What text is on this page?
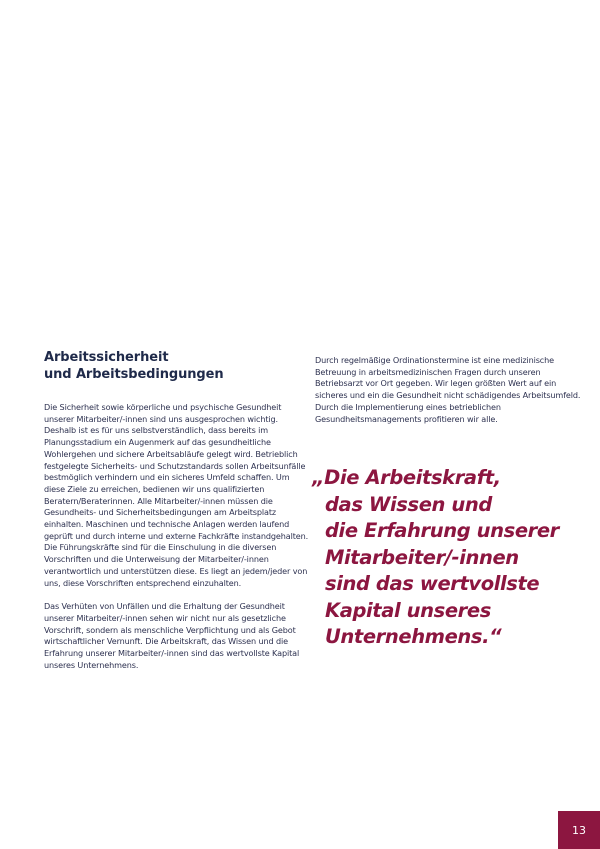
Arbeitssicherheit
und Arbeitsbedingungen

Die Sicherheit sowie körperliche und psychische Gesundheit unserer Mitarbeiter/-innen sind uns ausgesprochen wichtig. Deshalb ist es für uns selbstverständlich, dass bereits im Planungsstadium ein Augenmerk auf das gesundheitliche Wohlergehen und sichere Arbeitsabläufe gelegt wird. Betrieblich festgelegte Sicherheits- und Schutzstandards sollen Arbeitsunfälle bestmöglich verhindern und ein sicheres Umfeld schaffen. Um diese Ziele zu erreichen, bedienen wir uns qualifizierten Beratern/Beraterinnen. Alle Mitarbeiter/-innen müssen die Gesundheits- und Sicherheitsbedingungen am Arbeitsplatz einhalten. Maschinen und technische Anlagen werden laufend geprüft und durch interne und externe Fachkräfte instandgehalten. Die Führungskräfte sind für die Einschulung in die diversen Vorschriften und die Unterweisung der Mitarbeiter/-innen verantwortlich und unterstützen diese. Es liegt an jedem/jeder von uns, diese Vorschriften entsprechend einzuhalten.

Das Verhüten von Unfällen und die Erhaltung der Gesundheit unserer Mitarbeiter/-innen sehen wir nicht nur als gesetzliche Vorschrift, sondern als menschliche Verpflichtung und als Gebot wirtschaftlicher Vernunft. Die Arbeitskraft, das Wissen und die Erfahrung unserer Mitarbeiter/-innen sind das wertvollste Kapital unseres Unternehmens.

Durch regelmäßige Ordinationstermine ist eine medizinische Betreuung in arbeitsmedizinischen Fragen durch unseren Betriebsarzt vor Ort gegeben. Wir legen größten Wert auf ein sicheres und ein die Gesundheit nicht schädigendes Arbeitsumfeld. Durch die Implementierung eines betrieblichen Gesundheitsmanagements profitieren wir alle.

„Die Arbeitskraft,
das Wissen und
die Erfahrung unserer
Mitarbeiter/-innen
sind das wertvollste
Kapital unseres
Unternehmens.“
13
